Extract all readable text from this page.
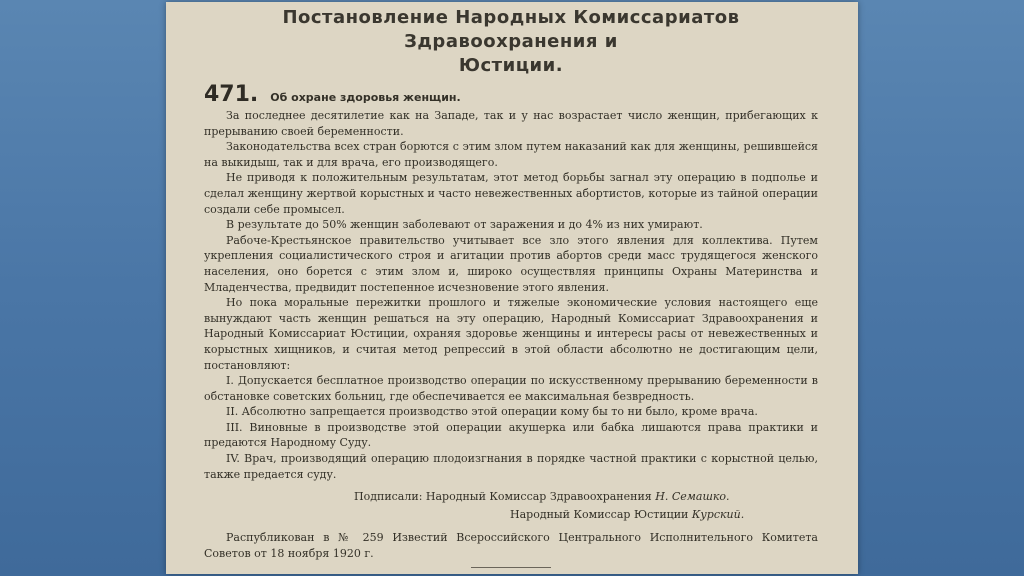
Постановление Народных Комиссариатов Здравоохранения и
Юстиции.
471. Об охране здоровья женщин.

За последнее десятилетие как на Западе, так и у нас возрастает число женщин, прибегающих к прерыванию своей беременности.

Законодательства всех стран борются с этим злом путем наказаний как для женщины, решившейся на выкидыш, так и для врача, его производящего.

Не приводя к положительным результатам, этот метод борьбы загнал эту операцию в подполье и сделал женщину жертвой корыстных и часто невежественных абортистов, которые из тайной операции создали себе промысел.

В результате до 50% женщин заболевают от заражения и до 4% из них умирают.

Рабоче-Крестьянское правительство учитывает все зло этого явления для коллектива. Путем укрепления социалистического строя и агитации против абортов среди масс трудящегося женского населения, оно борется с этим злом и, широко осуществляя принципы Охраны Материнства и Младенчества, предвидит постепенное исчезновение этого явления.

Но пока моральные пережитки прошлого и тяжелые экономические условия настоящего еще вынуждают часть женщин решаться на эту операцию, Народный Комиссариат Здравоохранения и Народный Комиссариат Юстиции, охраняя здоровье женщины и интересы расы от невежественных и корыстных хищников, и считая метод репрессий в этой области абсолютно не достигающим цели, постановляют:

I. Допускается бесплатное производство операции по искусственному прерыванию беременности в обстановке советских больниц, где обеспечивается ее максимальная безвредность.

II. Абсолютно запрещается производство этой операции кому бы то ни было, кроме врача.

III. Виновные в производстве этой операции акушерка или бабка лишаются права практики и предаются Народному Суду.

IV. Врач, производящий операцию плодоизгнания в порядке частной практики с корыстной целью, также предается суду.

Подписали: Народный Комиссар Здравоохранения Н. Семашко.
Народный Комиссар Юстиции Курский.
Распубликован в № 259 Известий Всероссийского Центрального Исполнительного Комитета Советов от 18 ноября 1920 г.
